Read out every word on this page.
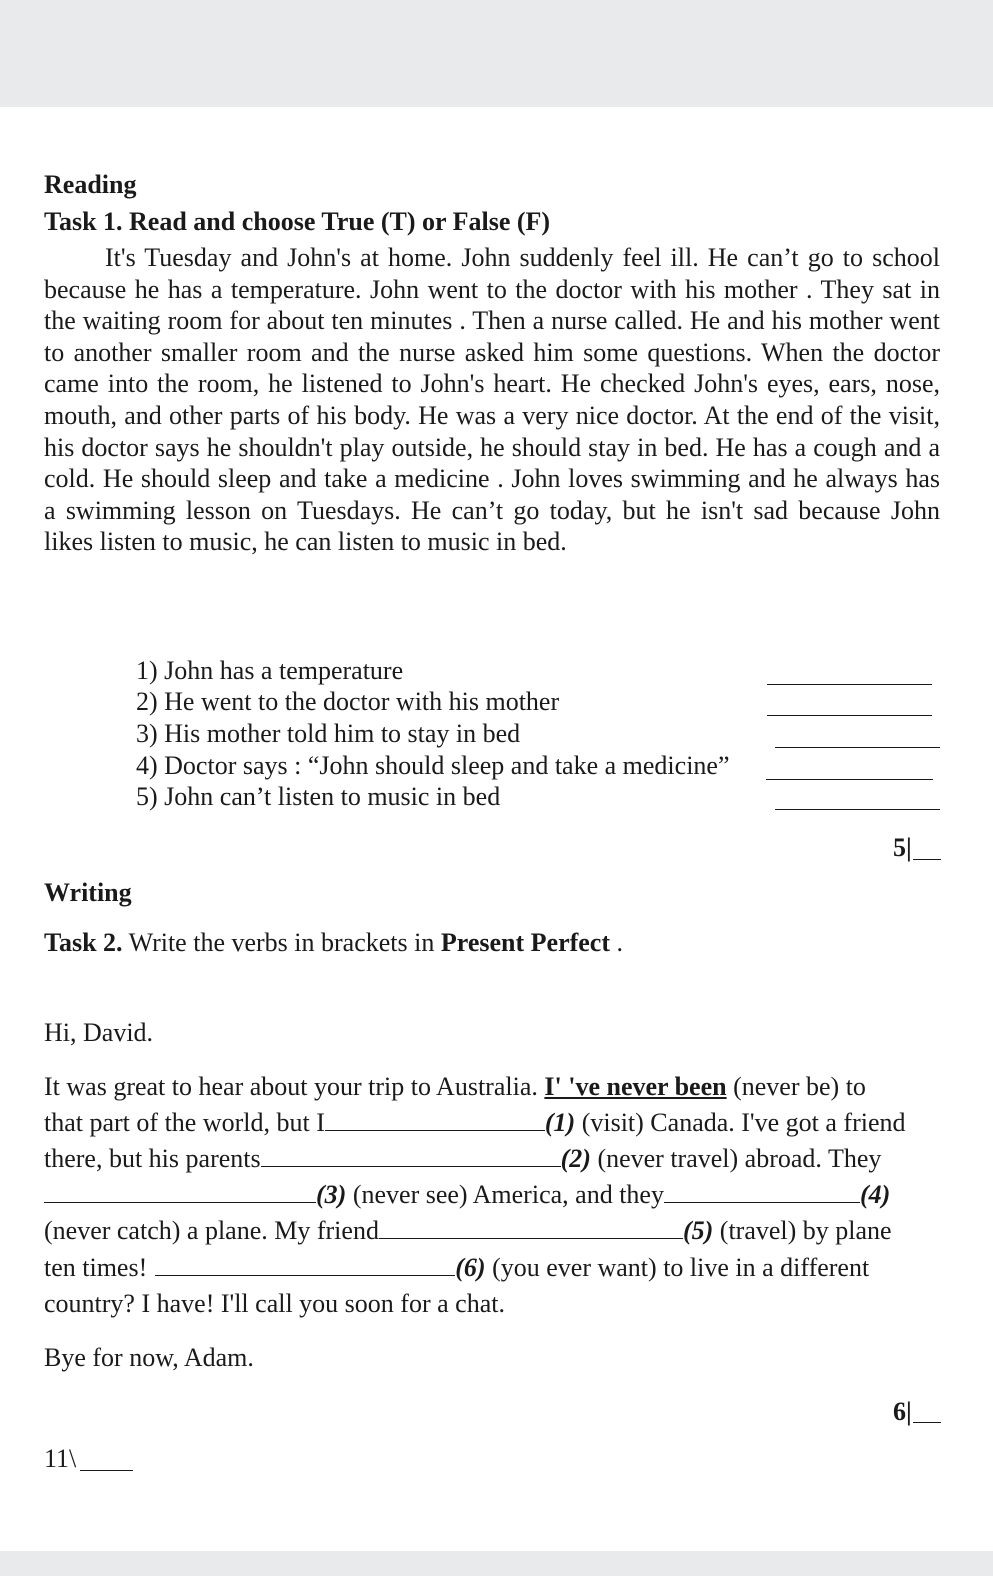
Reading
Task 1. Read and choose True (T) or False (F)
It's Tuesday and John's at home. John suddenly feel ill. He can’t go to school because he has a temperature. John went to the doctor with his mother . They sat in the waiting room for about ten minutes . Then a nurse called. He and his mother went to another smaller room and the nurse asked him some questions. When the doctor came into the room, he listened to John's heart. He checked John's eyes, ears, nose, mouth, and other parts of his body. He was a very nice doctor. At the end of the visit, his doctor says he shouldn't play outside, he should stay in bed. He has a cough and a cold. He should sleep and take a medicine . John loves swimming and he always has a swimming lesson on Tuesdays. He can’t go today, but he isn't sad because John likes listen to music, he can listen to music in bed.
1) John has a temperature
2) He went to the doctor with his mother
3) His mother told him to stay in bed
4) Doctor says : “John should sleep and take a medicine”
5) John can’t listen to music in bed
5|
Writing
Task 2. Write the verbs in brackets in Present Perfect .
Hi, David.
It was great to hear about your trip to Australia. I' 've never been (never be) to
that part of the world, but I	(1) (visit) Canada. I've got a friend
there, but his parents	(2) (never travel) abroad. They
(3) (never see) America, and they	(4)
(never catch) a plane. My friend	(5) (travel) by plane
ten times!	(6) (you ever want) to live in a different
country? I have! I'll call you soon for a chat.
Bye for now, Adam.
6|
11\
